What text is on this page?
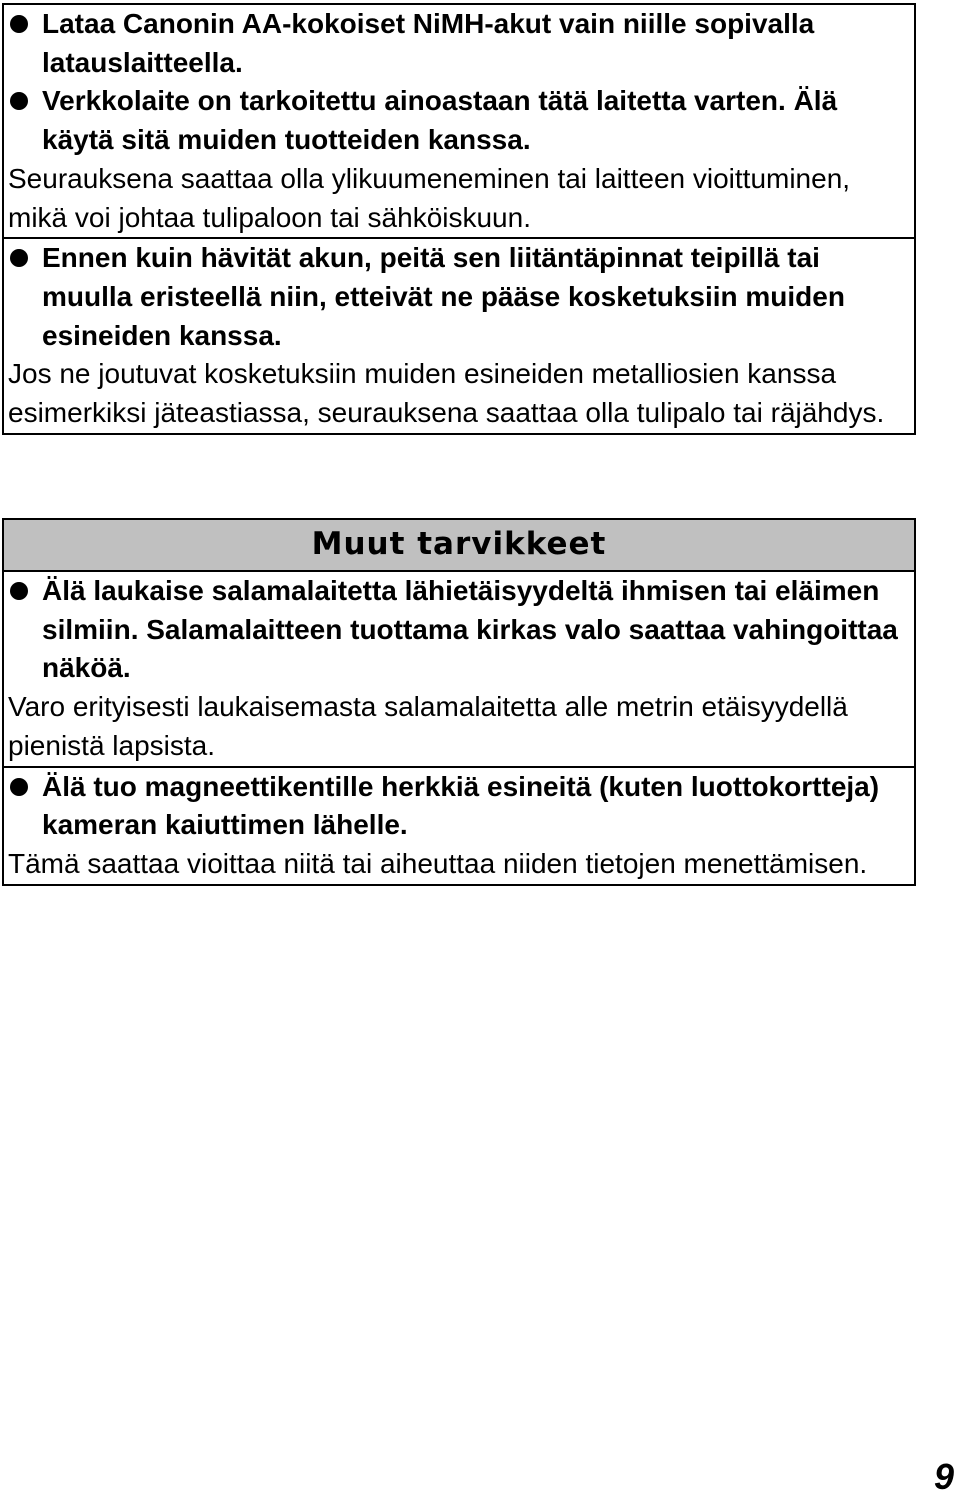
Lataa Canonin AA-kokoiset NiMH-akut vain niille sopivalla latauslaitteella.
Verkkolaite on tarkoitettu ainoastaan tätä laitetta varten. Älä käytä sitä muiden tuotteiden kanssa.
Seurauksena saattaa olla ylikuumeneminen tai laitteen vioittuminen, mikä voi johtaa tulipaloon tai sähköiskuun.
Ennen kuin hävität akun, peitä sen liitäntäpinnat teipillä tai muulla eristeellä niin, etteivät ne pääse kosketuksiin muiden esineiden kanssa.
Jos ne joutuvat kosketuksiin muiden esineiden metalliosien kanssa esimerkiksi jäteastiassa, seurauksena saattaa olla tulipalo tai räjähdys.
Muut tarvikkeet
Älä laukaise salamalaitetta lähietäisyydeltä ihmisen tai eläimen silmiin. Salamalaitteen tuottama kirkas valo saattaa vahingoittaa näköä.
Varo erityisesti laukaisemasta salamalaitetta alle metrin etäisyydellä pienistä lapsista.
Älä tuo magneettikentille herkkiä esineitä (kuten luottokortteja) kameran kaiuttimen lähelle.
Tämä saattaa vioittaa niitä tai aiheuttaa niiden tietojen menettämisen.
9
